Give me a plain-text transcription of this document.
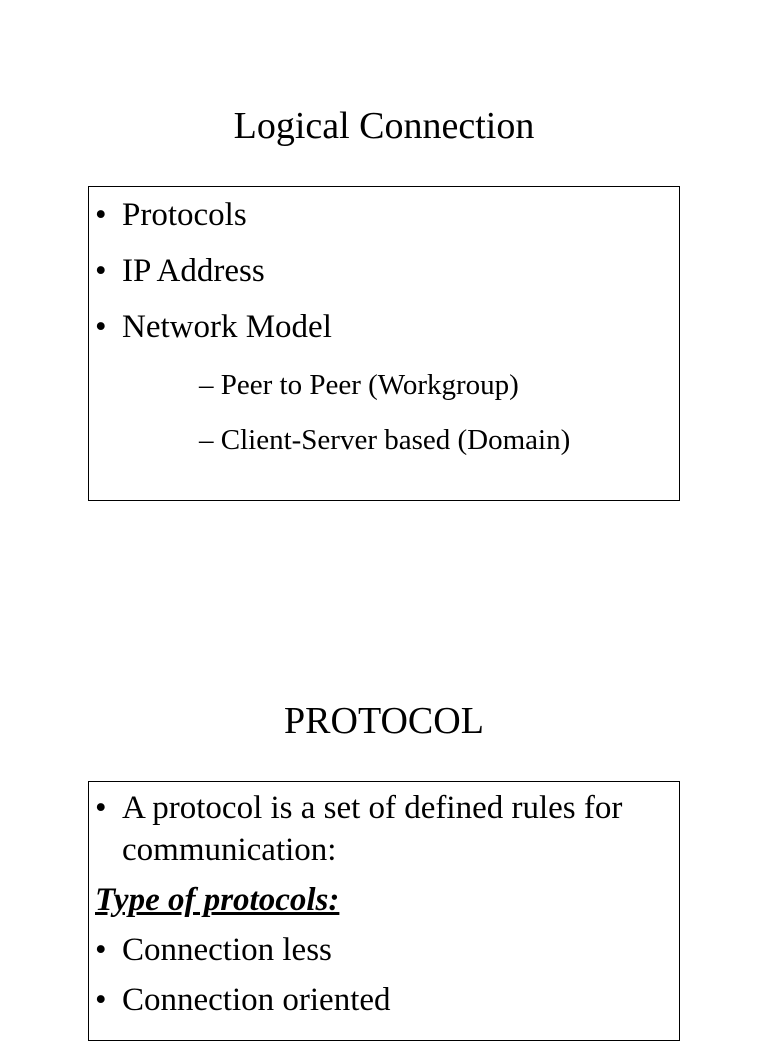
Logical Connection
• Protocols
• IP Address
• Network Model
– Peer to Peer (Workgroup)
– Client-Server based (Domain)
PROTOCOL
• A protocol is a set of defined rules for
communication:
Type of protocols:
• Connection less
• Connection oriented
